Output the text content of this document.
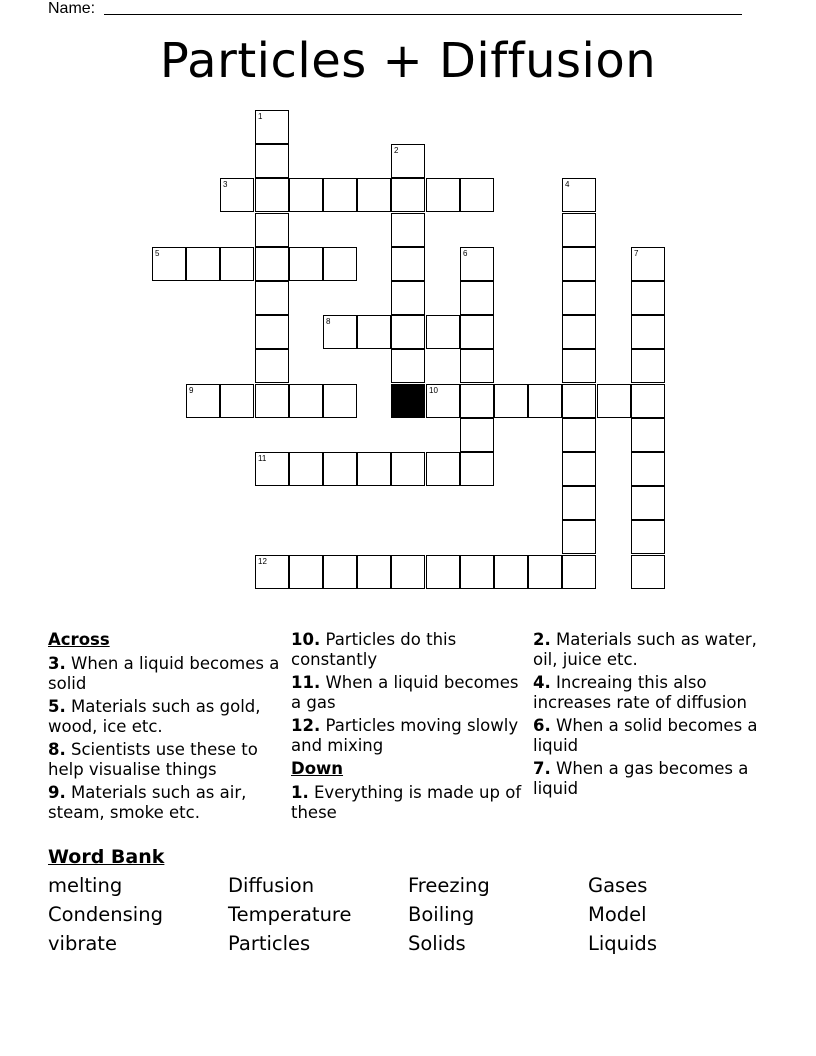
Name:
Particles + Diffusion
1
2
3	4
5	6	7
8
9	10
11
12

Across

3. When a liquid becomes a solid

5. Materials such as gold, wood, ice etc.

8. Scientists use these to help visualise things

9. Materials such as air, steam, smoke etc.

10. Particles do this constantly

11. When a liquid becomes a gas

12. Particles moving slowly and mixing

Down

1. Everything is made up of these

2. Materials such as water, oil, juice etc.

4. Increaing this also increases rate of diffusion

6. When a solid becomes a liquid

7. When a gas becomes a liquid

Word Bank
melting	Diffusion	Freezing	Gases
Condensing	Temperature	Boiling	Model
vibrate	Particles	Solids	Liquids
